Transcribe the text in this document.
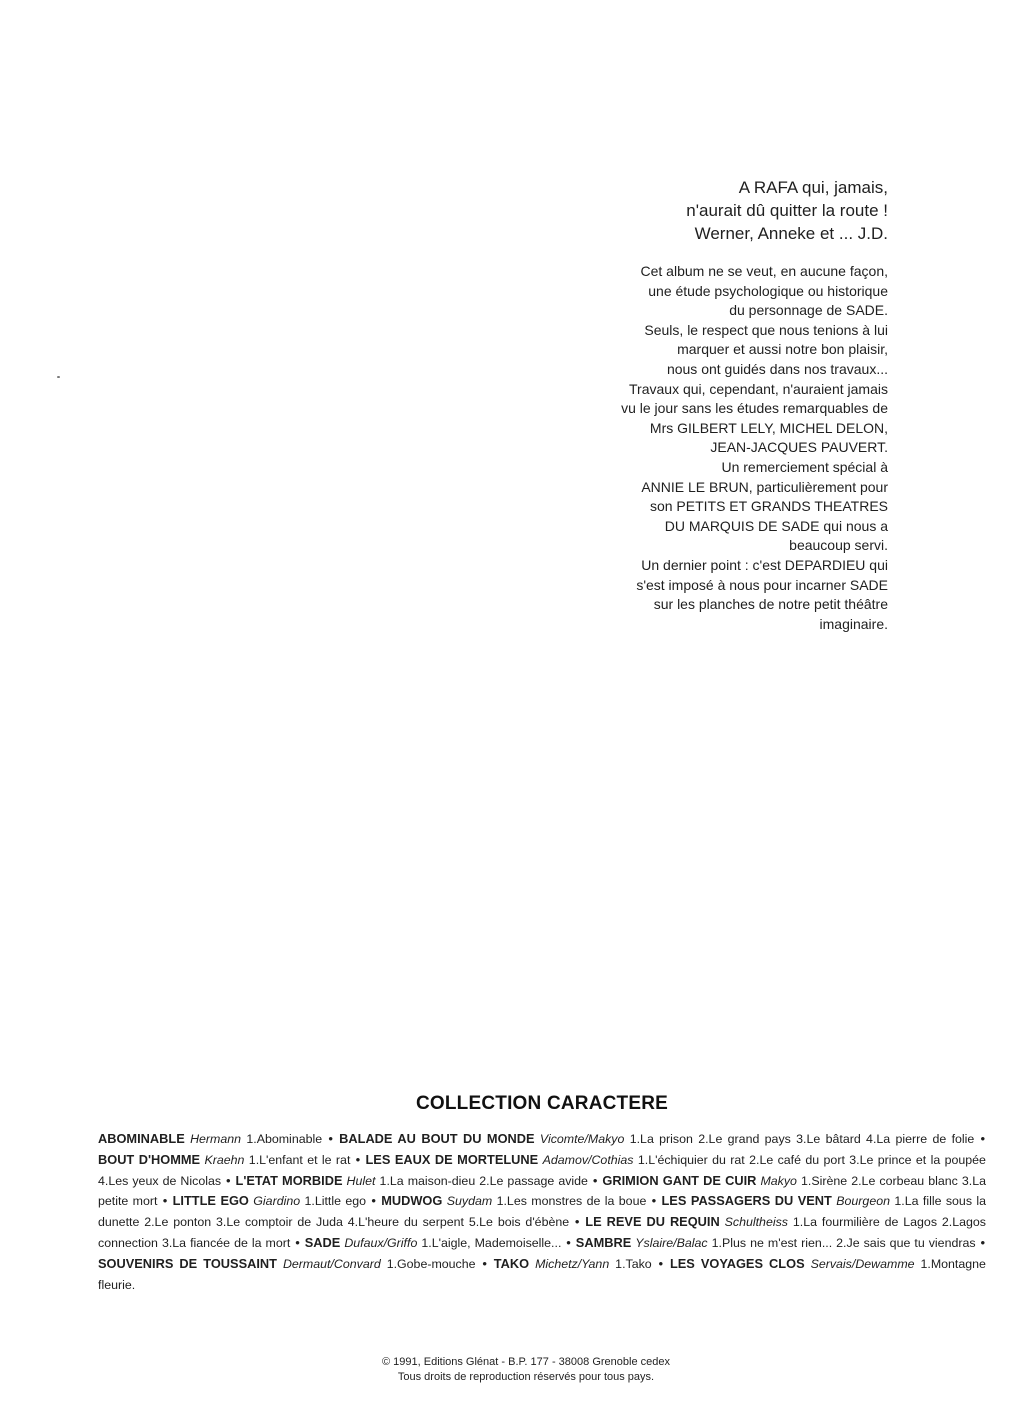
A RAFA qui, jamais,
n'aurait dû quitter la route !
Werner, Anneke et ... J.D.
Cet album ne se veut, en aucune façon,
une étude psychologique ou historique
du personnage de SADE.
Seuls, le respect que nous tenions à lui
marquer et aussi notre bon plaisir,
nous ont guidés dans nos travaux...
Travaux qui, cependant, n'auraient jamais
vu le jour sans les études remarquables de
Mrs GILBERT LELY, MICHEL DELON,
JEAN-JACQUES PAUVERT.
Un remerciement spécial à
ANNIE LE BRUN, particulièrement pour
son PETITS ET GRANDS THEATRES
DU MARQUIS DE SADE qui nous a
beaucoup servi.
Un dernier point : c'est DEPARDIEU qui
s'est imposé à nous pour incarner SADE
sur les planches de notre petit théâtre
imaginaire.
COLLECTION CARACTERE
ABOMINABLE Hermann 1.Abominable • BALADE AU BOUT DU MONDE Vicomte/Makyo 1.La prison 2.Le grand pays 3.Le bâtard 4.La pierre de folie • BOUT D'HOMME Kraehn 1.L'enfant et le rat • LES EAUX DE MORTELUNE Adamov/Cothias 1.L'échiquier du rat 2.Le café du port 3.Le prince et la poupée 4.Les yeux de Nicolas • L'ETAT MORBIDE Hulet 1.La maison-dieu 2.Le passage avide • GRIMION GANT DE CUIR Makyo 1.Sirène 2.Le corbeau blanc 3.La petite mort • LITTLE EGO Giardino 1.Little ego • MUDWOG Suydam 1.Les monstres de la boue • LES PASSAGERS DU VENT Bourgeon 1.La fille sous la dunette 2.Le ponton 3.Le comptoir de Juda 4.L'heure du serpent 5.Le bois d'ébène • LE REVE DU REQUIN Schultheiss 1.La fourmilière de Lagos 2.Lagos connection 3.La fiancée de la mort • SADE Dufaux/Griffo 1.L'aigle, Mademoiselle... • SAMBRE Yslaire/Balac 1.Plus ne m'est rien... 2.Je sais que tu viendras • SOUVENIRS DE TOUSSAINT Dermaut/Convard 1.Gobe-mouche • TAKO Michetz/Yann 1.Tako • LES VOYAGES CLOS Servais/Dewamme 1.Montagne fleurie.
© 1991, Editions Glénat - B.P. 177 - 38008 Grenoble cedex
Tous droits de reproduction réservés pour tous pays.
